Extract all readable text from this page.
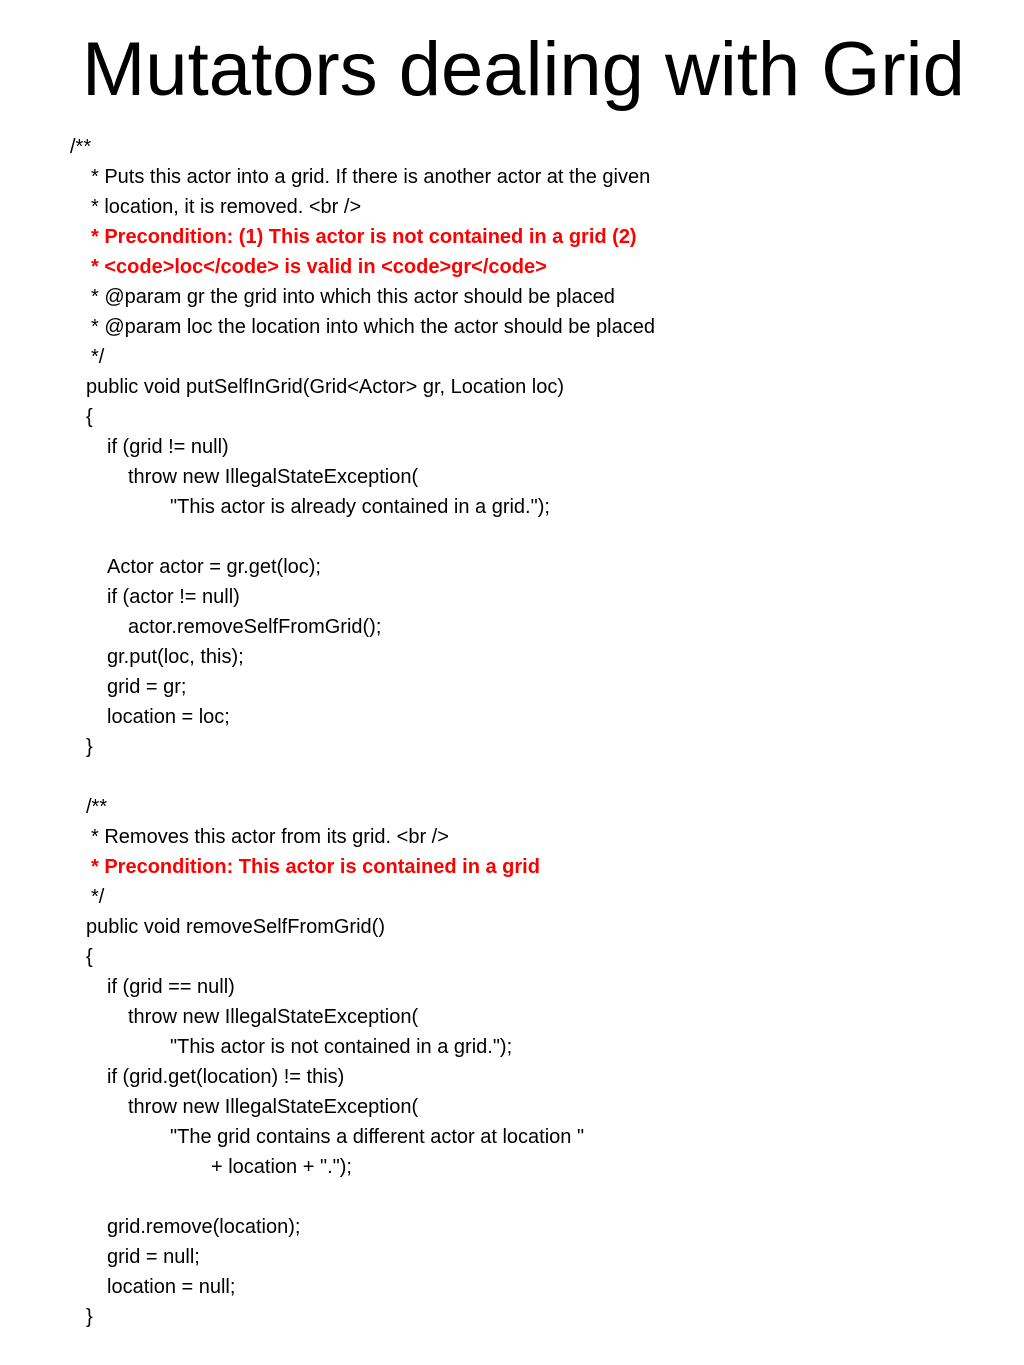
Mutators dealing with Grid
/**
* Puts this actor into a grid. If there is another actor at the given
* location, it is removed. <br />
* Precondition: (1) This actor is not contained in a grid (2)
* <code>loc</code> is valid in <code>gr</code>
* @param gr the grid into which this actor should be placed
* @param loc the location into which the actor should be placed
*/
public void putSelfInGrid(Grid<Actor> gr, Location loc)
{
if (grid != null)
throw new IllegalStateException(
"This actor is already contained in a grid.");
Actor actor = gr.get(loc);
if (actor != null)
actor.removeSelfFromGrid();
gr.put(loc, this);
grid = gr;
location = loc;
}
/**
* Removes this actor from its grid. <br />
* Precondition: This actor is contained in a grid
*/
public void removeSelfFromGrid()
{
if (grid == null)
throw new IllegalStateException(
"This actor is not contained in a grid.");
if (grid.get(location) != this)
throw new IllegalStateException(
"The grid contains a different actor at location "
+ location + ".");
grid.remove(location);
grid = null;
location = null;
}
